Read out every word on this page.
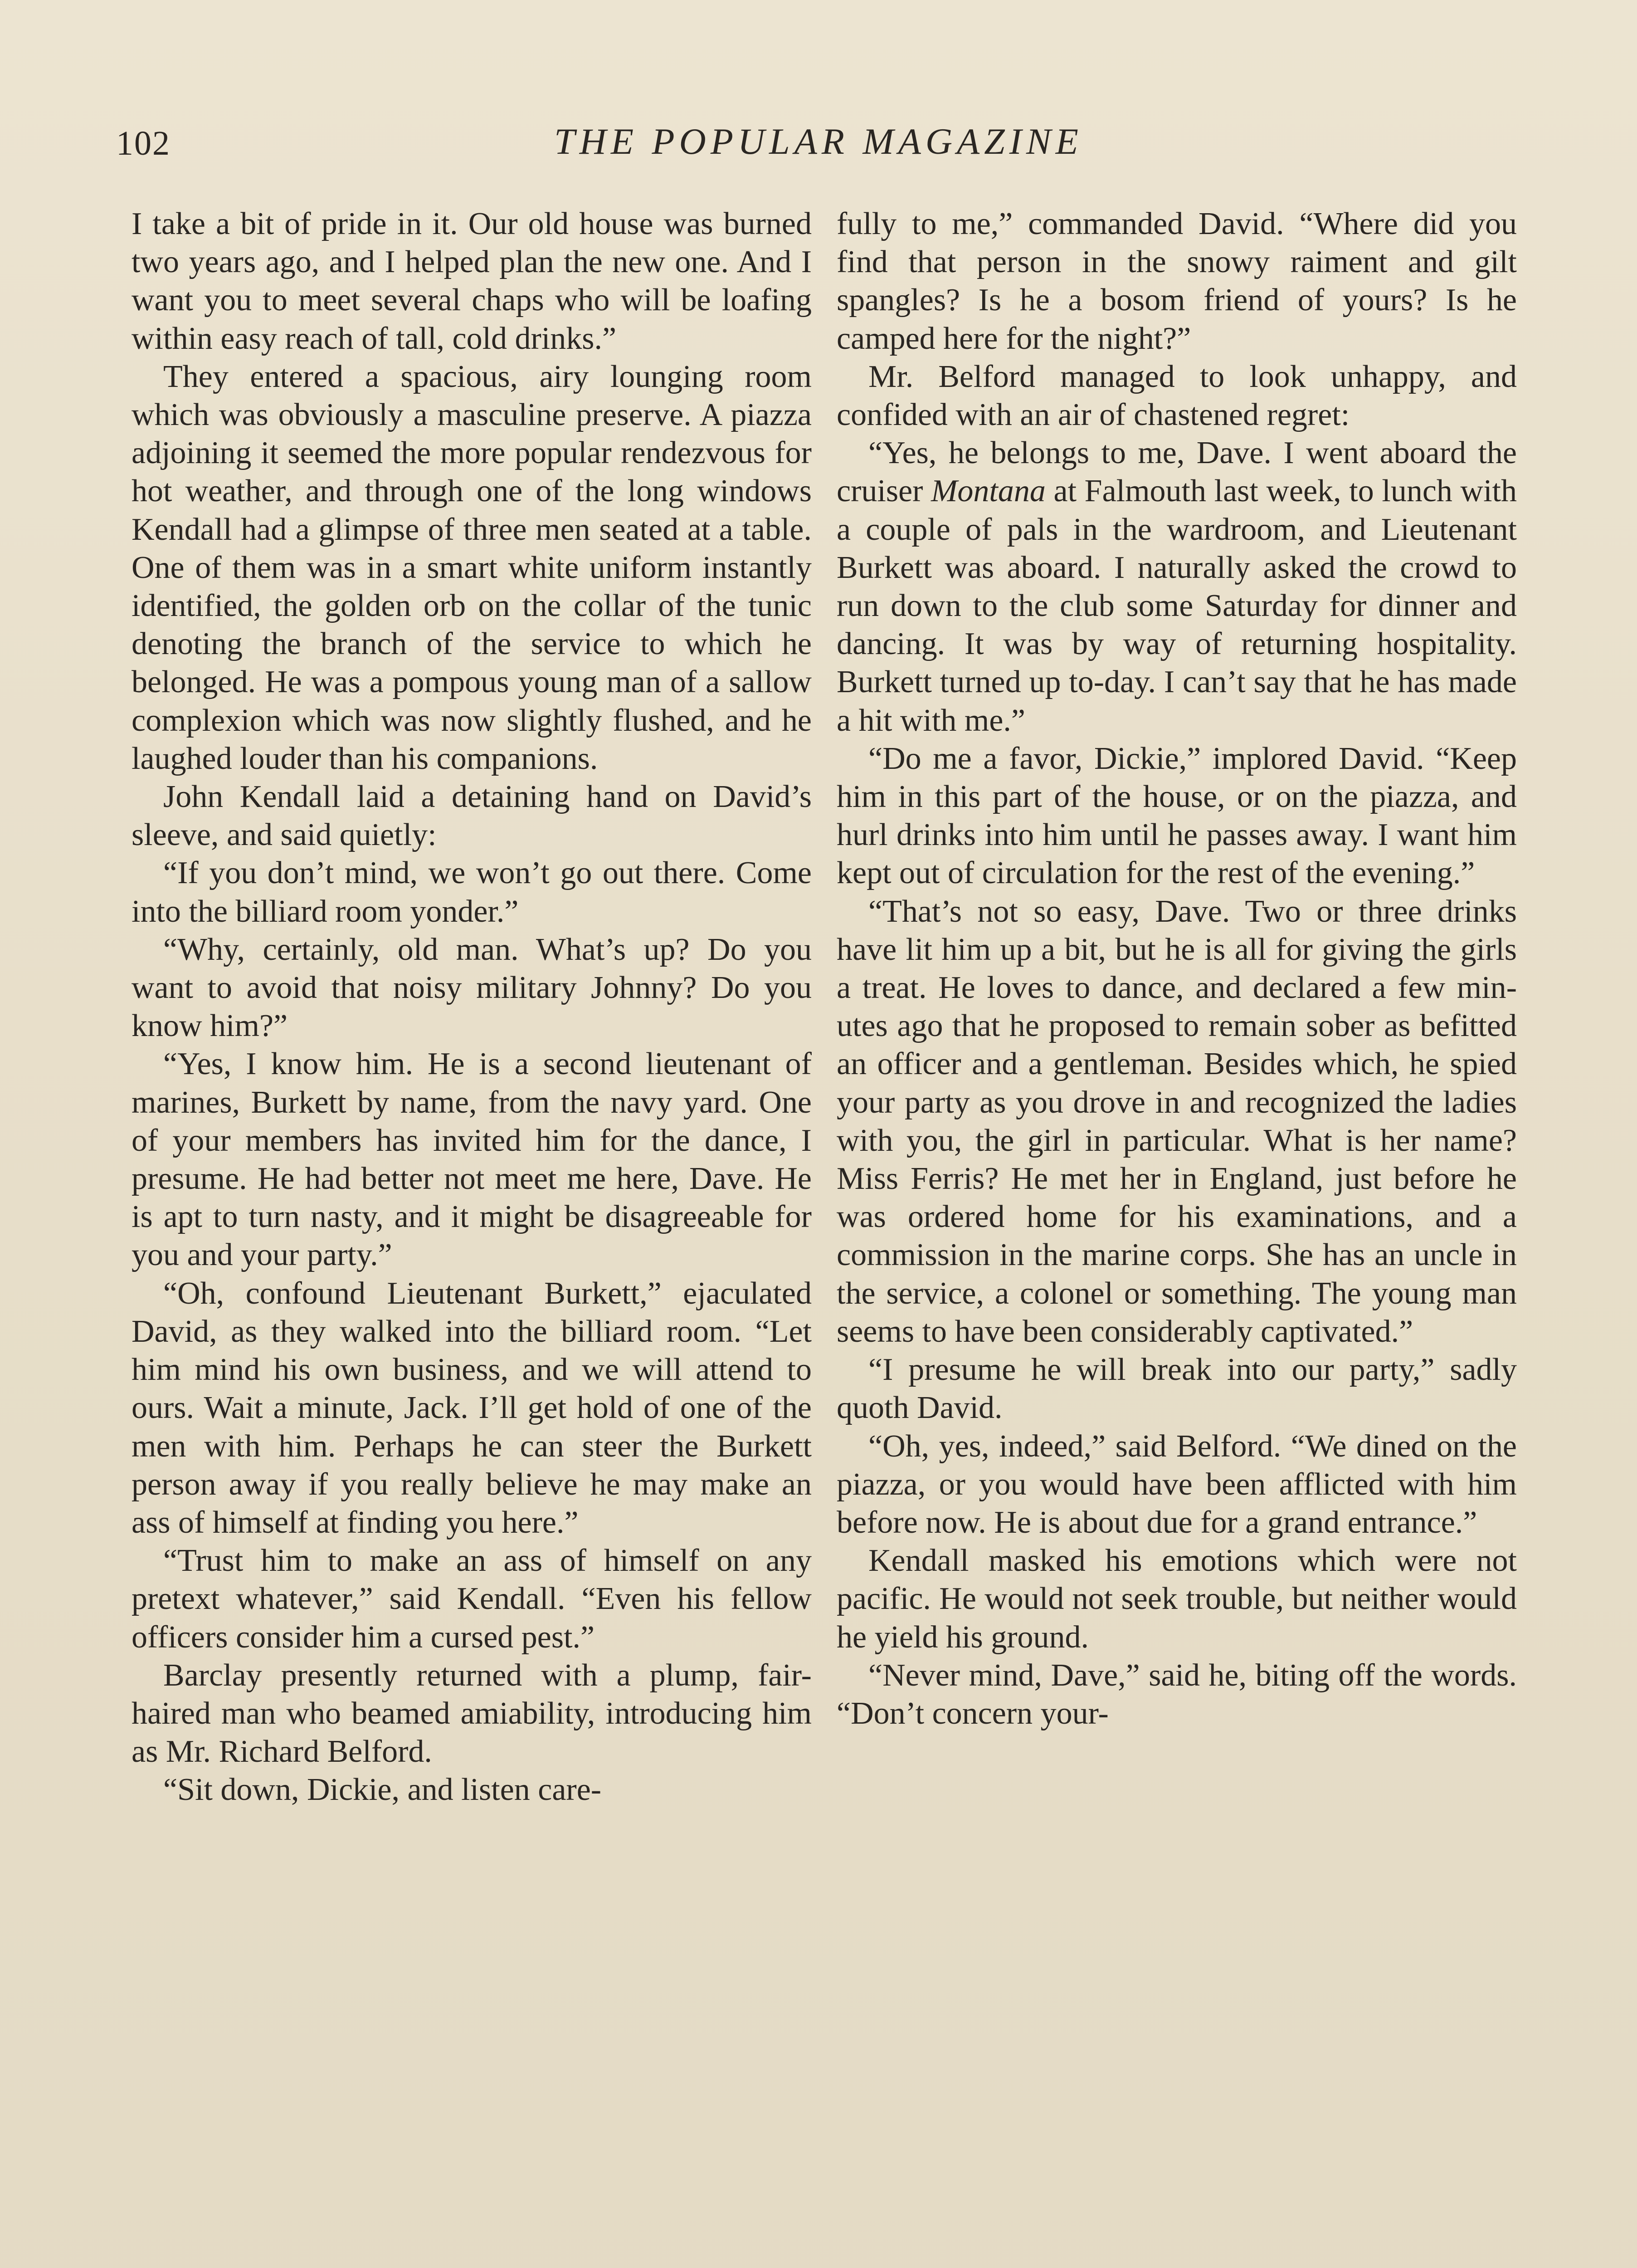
102	THE POPULAR MAGAZINE

I take a bit of pride in it. Our old house was burned two years ago, and I helped plan the new one. And I want you to meet several chaps who will be loafing within easy reach of tall, cold drinks.”

They entered a spacious, airy lounging room which was obviously a masculine preserve. A piazza adjoining it seemed the more popular rendezvous for hot weather, and through one of the long windows Kendall had a glimpse of three men seated at a table. One of them was in a smart white uniform instantly identified, the golden orb on the collar of the tunic denoting the branch of the service to which he belonged. He was a pompous young man of a sallow complexion which was now slightly flushed, and he laughed louder than his companions.

John Kendall laid a detaining hand on David’s sleeve, and said quietly:

“If you don’t mind, we won’t go out there. Come into the billiard room yonder.”

“Why, certainly, old man. What’s up? Do you want to avoid that noisy military Johnny? Do you know him?”

“Yes, I know him. He is a second lieutenant of marines, Burkett by name, from the navy yard. One of your members has invited him for the dance, I presume. He had better not meet me here, Dave. He is apt to turn nasty, and it might be disagreeable for you and your party.”

“Oh, confound Lieutenant Burkett,” ejaculated David, as they walked into the billiard room. “Let him mind his own business, and we will attend to ours. Wait a minute, Jack. I’ll get hold of one of the men with him. Perhaps he can steer the Burkett person away if you really believe he may make an ass of himself at finding you here.”

“Trust him to make an ass of himself on any pretext whatever,” said Kendall. “Even his fellow officers consider him a cursed pest.”

Barclay presently returned with a plump, fair-haired man who beamed amiability, introducing him as Mr. Richard Belford.

“Sit down, Dickie, and listen care-

fully to me,” commanded David. “Where did you find that person in the snowy raiment and gilt spangles? Is he a bosom friend of yours? Is he camped here for the night?”

Mr. Belford managed to look unhappy, and confided with an air of chastened regret:

“Yes, he belongs to me, Dave. I went aboard the cruiser Montana at Falmouth last week, to lunch with a couple of pals in the wardroom, and Lieutenant Burkett was aboard. I naturally asked the crowd to run down to the club some Saturday for dinner and dancing. It was by way of returning hospitality. Burkett turned up to-day. I can’t say that he has made a hit with me.”

“Do me a favor, Dickie,” implored David. “Keep him in this part of the house, or on the piazza, and hurl drinks into him until he passes away. I want him kept out of circulation for the rest of the evening.”

“That’s not so easy, Dave. Two or three drinks have lit him up a bit, but he is all for giving the girls a treat. He loves to dance, and declared a few minutes ago that he proposed to remain sober as befitted an officer and a gentleman. Besides which, he spied your party as you drove in and recognized the ladies with you, the girl in particular. What is her name? Miss Ferris? He met her in England, just before he was ordered home for his examinations, and a commission in the marine corps. She has an uncle in the service, a colonel or something. The young man seems to have been considerably captivated.”

“I presume he will break into our party,” sadly quoth David.

“Oh, yes, indeed,” said Belford. “We dined on the piazza, or you would have been afflicted with him before now. He is about due for a grand entrance.”

Kendall masked his emotions which were not pacific. He would not seek trouble, but neither would he yield his ground.

“Never mind, Dave,” said he, biting off the words. “Don’t concern your-
